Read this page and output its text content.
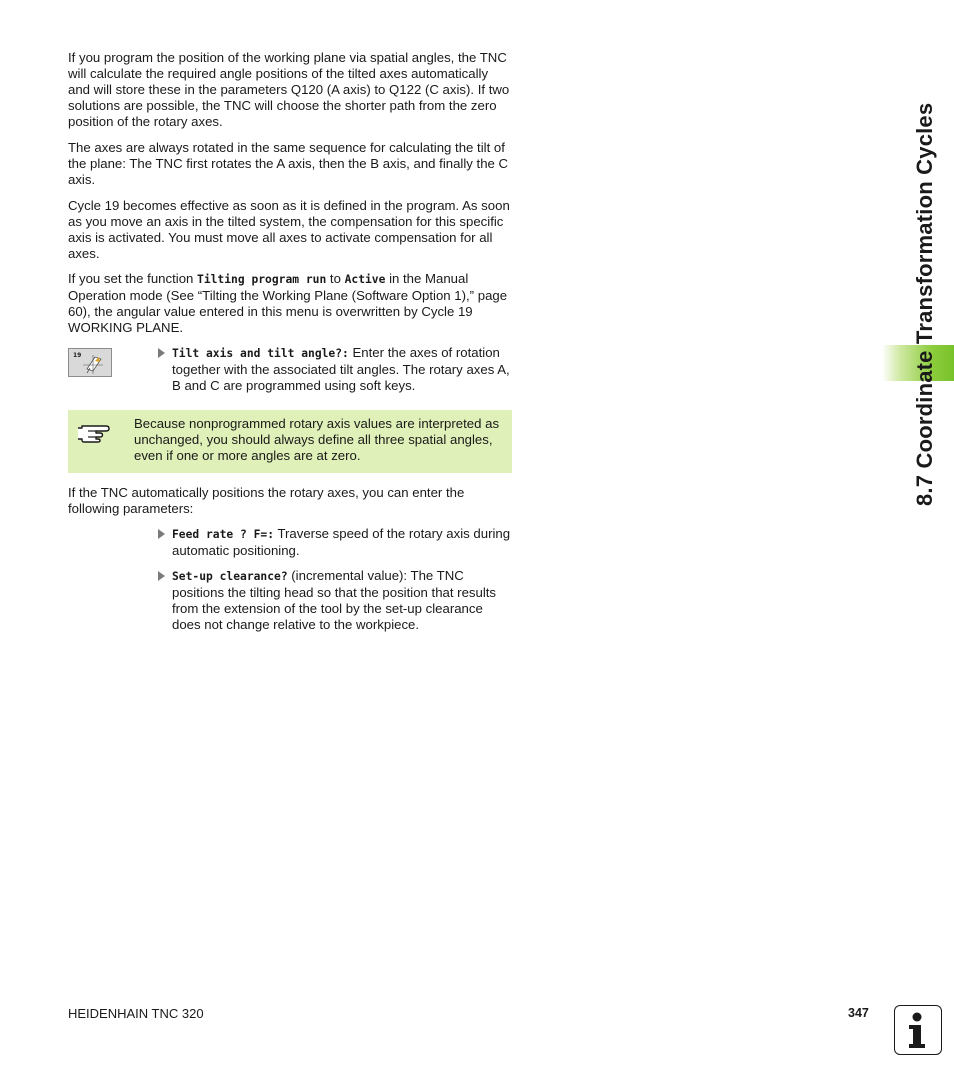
If you program the position of the working plane via spatial angles, the TNC will calculate the required angle positions of the tilted axes automatically and will store these in the parameters Q120 (A axis) to Q122 (C axis). If two solutions are possible, the TNC will choose the shorter path from the zero position of the rotary axes.

The axes are always rotated in the same sequence for calculating the tilt of the plane: The TNC first rotates the A axis, then the B axis, and finally the C axis.

Cycle 19 becomes effective as soon as it is defined in the program. As soon as you move an axis in the tilted system, the compensation for this specific axis is activated. You must move all axes to activate compensation for all axes.

If you set the function Tilting program run to Active in the Manual Operation mode (See “Tilting the Working Plane (Software Option 1),” page 60), the angular value entered in this menu is overwritten by Cycle 19 WORKING PLANE.

19	Tilt axis and tilt angle?: Enter the axes of rotation together with the associated tilt angles. The rotary axes A, B and C are programmed using soft keys.
Because nonprogrammed rotary axis values are interpreted as unchanged, you should always define all three spatial angles, even if one or more angles are at zero.

If the TNC automatically positions the rotary axes, you can enter the following parameters:

Feed rate ? F=: Traverse speed of the rotary axis during automatic positioning.
Set-up clearance? (incremental value): The TNC positions the tilting head so that the position that results from the extension of the tool by the set-up clearance does not change relative to the workpiece.
8.7 Coordinate Transformation Cycles
HEIDENHAIN TNC 320	347
